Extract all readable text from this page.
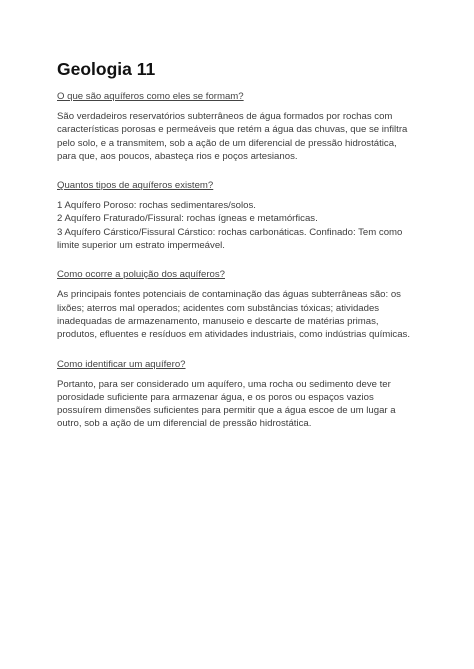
Geologia 11
O que são aquíferos como eles se formam?

São verdadeiros reservatórios subterrâneos de água formados por rochas com
características porosas e permeáveis que retém a água das chuvas, que se infiltra
pelo solo, e a transmitem, sob a ação de um diferencial de pressão hidrostática,
para que, aos poucos, abasteça rios e poços artesianos.

Quantos tipos de aquíferos existem?

1 Aquífero Poroso: rochas sedimentares/solos.
2 Aquífero Fraturado/Fissural: rochas ígneas e metamórficas.
3 Aquífero Cárstico/Fissural Cárstico: rochas carbonáticas. Confinado: Tem como
limite superior um estrato impermeável.

Como ocorre a poluição dos aquíferos?

As principais fontes potenciais de contaminação das águas subterrâneas são: os
lixões; aterros mal operados; acidentes com substâncias tóxicas; atividades
inadequadas de armazenamento, manuseio e descarte de matérias primas,
produtos, efluentes e resíduos em atividades industriais, como indústrias químicas.

Como identificar um aquífero?

Portanto, para ser considerado um aquífero, uma rocha ou sedimento deve ter
porosidade suficiente para armazenar água, e os poros ou espaços vazios
possuírem dimensões suficientes para permitir que a água escoe de um lugar a
outro, sob a ação de um diferencial de pressão hidrostática.
